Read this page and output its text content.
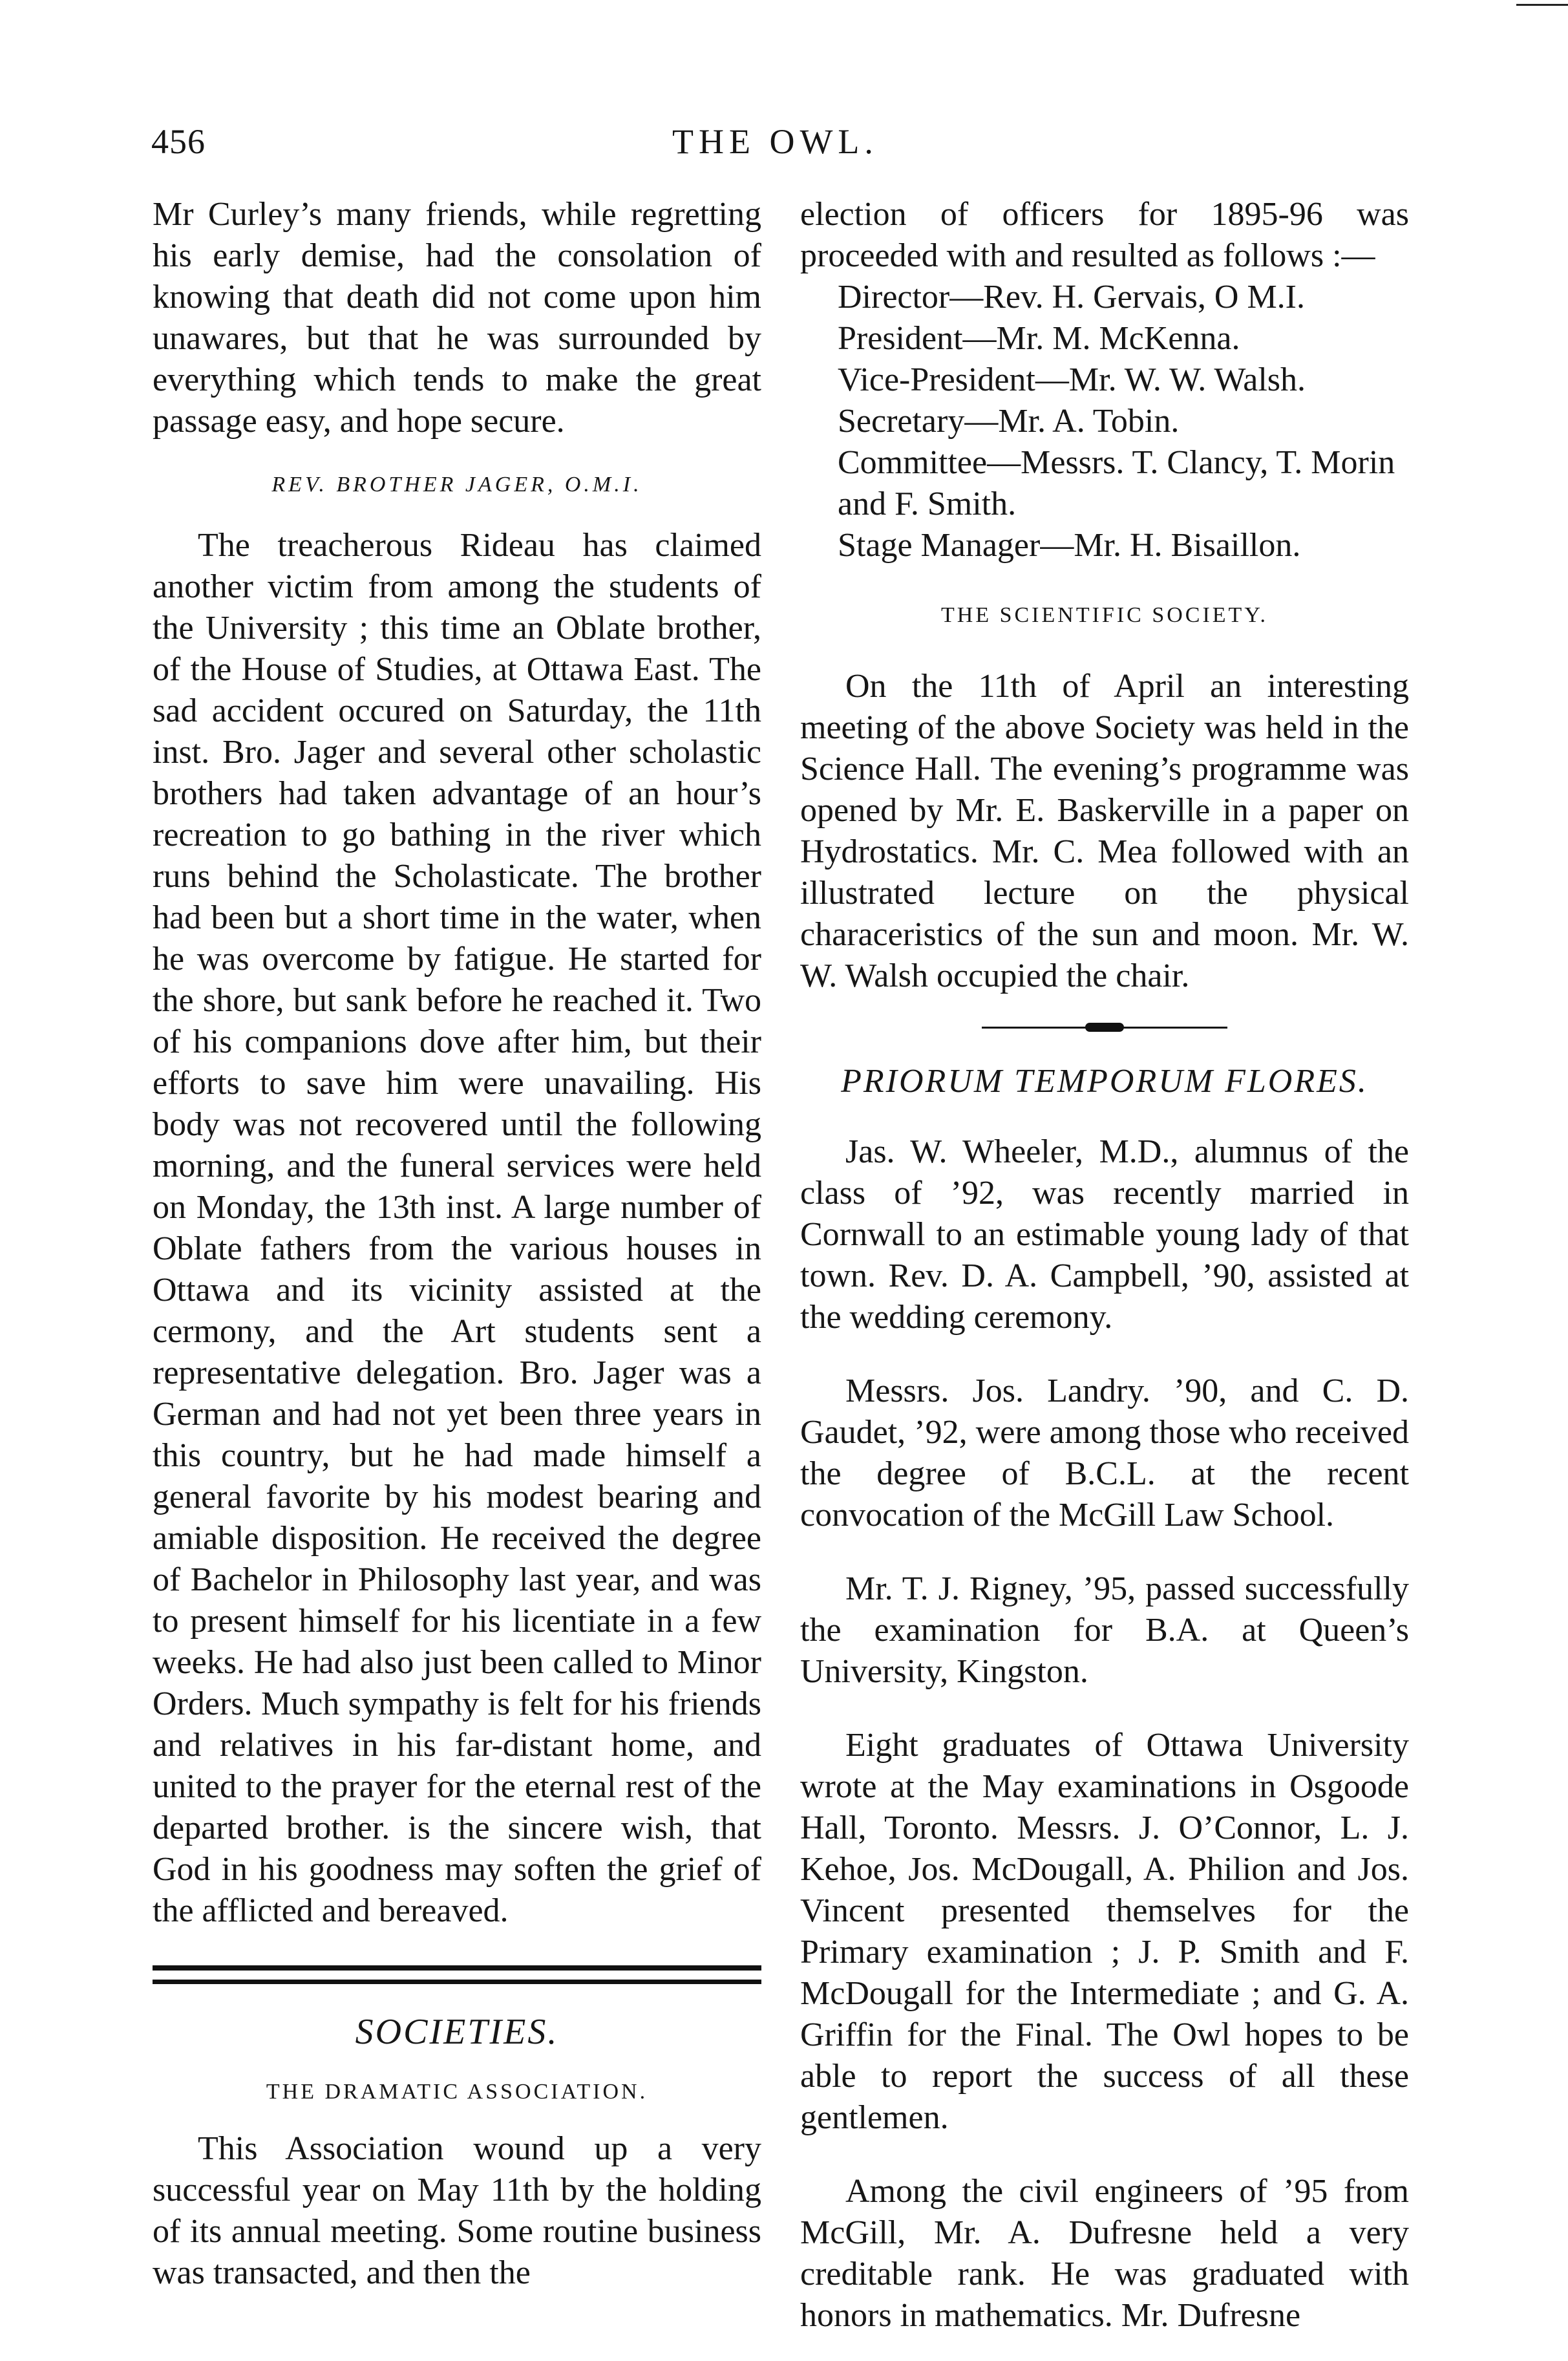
456	THE OWL.

Mr Curley’s many friends, while regretting his early demise, had the consolation of knowing that death did not come upon him unawares, but that he was surrounded by everything which tends to make the great passage easy, and hope secure.

REV. BROTHER JAGER, O.M.I.

The treacherous Rideau has claimed another victim from among the students of the University ; this time an Oblate brother, of the House of Studies, at Ottawa East. The sad accident occured on Saturday, the 11th inst. Bro. Jager and several other scholastic brothers had taken advantage of an hour’s recreation to go bathing in the river which runs behind the Scholasticate. The brother had been but a short time in the water, when he was overcome by fatigue. He started for the shore, but sank before he reached it. Two of his companions dove after him, but their efforts to save him were unavailing. His body was not recovered until the following morning, and the funeral services were held on Monday, the 13th inst. A large number of Oblate fathers from the various houses in Ottawa and its vicinity assisted at the cermony, and the Art students sent a representative delegation. Bro. Jager was a German and had not yet been three years in this country, but he had made himself a general favorite by his modest bearing and amiable disposition. He received the degree of Bachelor in Philosophy last year, and was to present himself for his licentiate in a few weeks. He had also just been called to Minor Orders. Much sympathy is felt for his friends and relatives in his far-distant home, and united to the prayer for the eternal rest of the departed brother. is the sincere wish, that God in his goodness may soften the grief of the afflicted and bereaved.

SOCIETIES.
THE DRAMATIC ASSOCIATION.

This Association wound up a very successful year on May 11th by the holding of its annual meeting. Some routine business was transacted, and then the

election of officers for 1895-96 was proceeded with and resulted as follows :—

Director—Rev. H. Gervais, O M.I.
President—Mr. M. McKenna.
Vice-President—Mr. W. W. Walsh.
Secretary—Mr. A. Tobin.
Committee—Messrs. T. Clancy, T. Morin and F. Smith.
Stage Manager—Mr. H. Bisaillon.
THE SCIENTIFIC SOCIETY.

On the 11th of April an interesting meeting of the above Society was held in the Science Hall. The evening’s programme was opened by Mr. E. Baskerville in a paper on Hydrostatics. Mr. C. Mea followed with an illustrated lecture on the physical characeristics of the sun and moon. Mr. W. W. Walsh occupied the chair.

PRIORUM TEMPORUM FLORES.

Jas. W. Wheeler, M.D., alumnus of the class of ’92, was recently married in Cornwall to an estimable young lady of that town. Rev. D. A. Campbell, ’90, assisted at the wedding ceremony.

Messrs. Jos. Landry. ’90, and C. D. Gaudet, ’92, were among those who received the degree of B.C.L. at the recent convocation of the McGill Law School.

Mr. T. J. Rigney, ’95, passed successfully the examination for B.A. at Queen’s University, Kingston.

Eight graduates of Ottawa University wrote at the May examinations in Osgoode Hall, Toronto. Messrs. J. O’Connor, L. J. Kehoe, Jos. McDougall, A. Philion and Jos. Vincent presented themselves for the Primary examination ; J. P. Smith and F. McDougall for the Intermediate ; and G. A. Griffin for the Final. The Owl hopes to be able to report the success of all these gentlemen.

Among the civil engineers of ’95 from McGill, Mr. A. Dufresne held a very creditable rank. He was graduated with honors in mathematics. Mr. Dufresne
